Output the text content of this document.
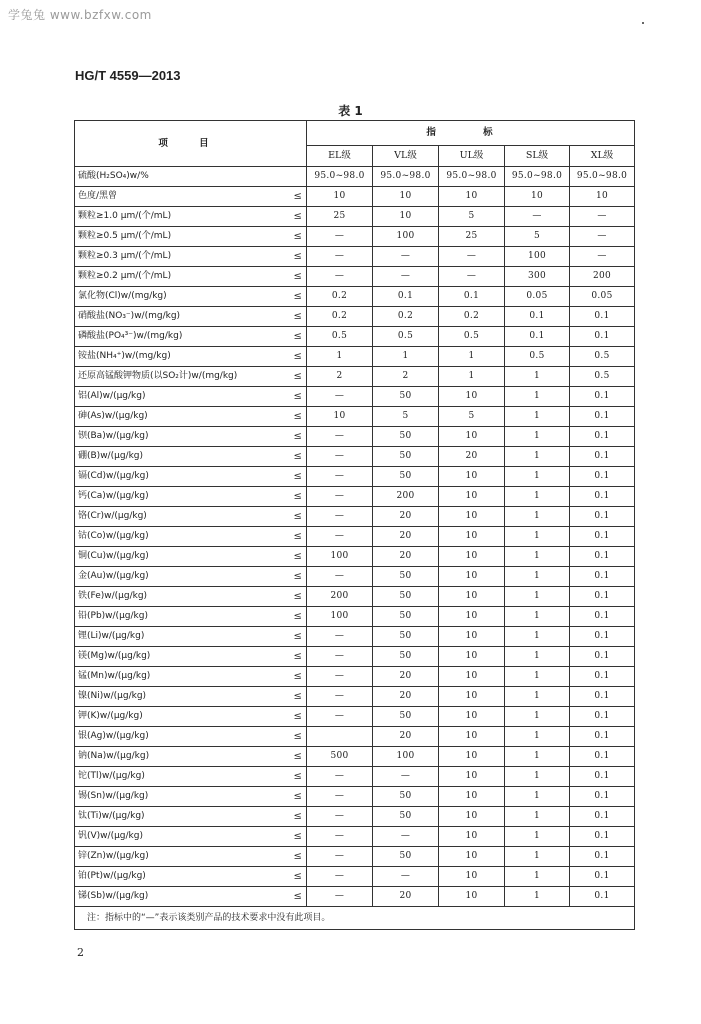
学兔兔 www.bzfxw.com
HG/T 4559—2013
表 1
项 目		指 标				
		EL级	VL级	UL级	SL级	XL级
硫酸(H₂SO₄)w/%		95.0~98.0	95.0~98.0	95.0~98.0	95.0~98.0	95.0~98.0
色度/黑曾	≤	10	10	10	10	10
颗粒≥1.0 μm/(个/mL)	≤	25	10	5	—	—
颗粒≥0.5 μm/(个/mL)	≤	—	100	25	5	—
颗粒≥0.3 μm/(个/mL)	≤	—	—	—	100	—
颗粒≥0.2 μm/(个/mL)	≤	—	—	—	300	200
氯化物(Cl)w/(mg/kg)	≤	0.2	0.1	0.1	0.05	0.05
硝酸盐(NO₃⁻)w/(mg/kg)	≤	0.2	0.2	0.2	0.1	0.1
磷酸盐(PO₄³⁻)w/(mg/kg)	≤	0.5	0.5	0.5	0.1	0.1
铵盐(NH₄⁺)w/(mg/kg)	≤	1	1	1	0.5	0.5
还原高锰酸钾物质(以SO₂计)w/(mg/kg)	≤	2	2	1	1	0.5
铝(Al)w/(μg/kg)	≤	—	50	10	1	0.1
砷(As)w/(μg/kg)	≤	10	5	5	1	0.1
钡(Ba)w/(μg/kg)	≤	—	50	10	1	0.1
硼(B)w/(μg/kg)	≤	—	50	20	1	0.1
镉(Cd)w/(μg/kg)	≤	—	50	10	1	0.1
钙(Ca)w/(μg/kg)	≤	—	200	10	1	0.1
铬(Cr)w/(μg/kg)	≤	—	20	10	1	0.1
钴(Co)w/(μg/kg)	≤	—	20	10	1	0.1
铜(Cu)w/(μg/kg)	≤	100	20	10	1	0.1
金(Au)w/(μg/kg)	≤	—	50	10	1	0.1
铁(Fe)w/(μg/kg)	≤	200	50	10	1	0.1
铅(Pb)w/(μg/kg)	≤	100	50	10	1	0.1
锂(Li)w/(μg/kg)	≤	—	50	10	1	0.1
镁(Mg)w/(μg/kg)	≤	—	50	10	1	0.1
锰(Mn)w/(μg/kg)	≤	—	20	10	1	0.1
镍(Ni)w/(μg/kg)	≤	—	20	10	1	0.1
钾(K)w/(μg/kg)	≤	—	50	10	1	0.1
银(Ag)w/(μg/kg)	≤		20	10	1	0.1
钠(Na)w/(μg/kg)	≤	500	100	10	1	0.1
铊(Tl)w/(μg/kg)	≤	—	—	10	1	0.1
锡(Sn)w/(μg/kg)	≤	—	50	10	1	0.1
钛(Ti)w/(μg/kg)	≤	—	50	10	1	0.1
钒(V)w/(μg/kg)	≤	—	—	10	1	0.1
锌(Zn)w/(μg/kg)	≤	—	50	10	1	0.1
铂(Pt)w/(μg/kg)	≤	—	—	10	1	0.1
锑(Sb)w/(μg/kg)	≤	—	20	10	1	0.1
注：指标中的“—”表示该类别产品的技术要求中没有此项目。						
2
